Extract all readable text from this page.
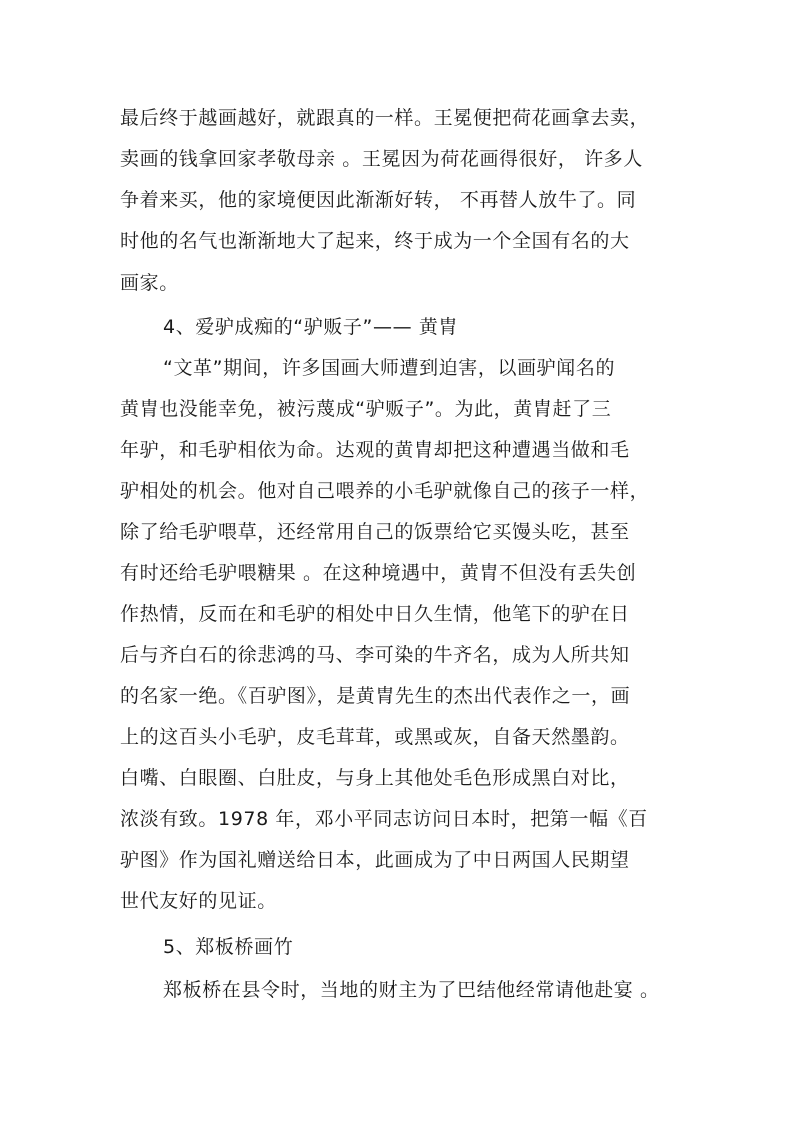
最后终于越画越好，就跟真的一样。王冕便把荷花画拿去卖，
卖画的钱拿回家孝敬母亲 。王冕因为荷花画得很好， 许多人
争着来买，他的家境便因此渐渐好转， 不再替人放牛了。同
时他的名气也渐渐地大了起来，终于成为一个全国有名的大
画家。
4、爱驴成痴的“驴贩子”—— 黄胄
“文革”期间，许多国画大师遭到迫害，以画驴闻名的
黄胄也没能幸免，被污蔑成“驴贩子”。为此，黄胄赶了三
年驴，和毛驴相依为命。达观的黄胄却把这种遭遇当做和毛
驴相处的机会。他对自己喂养的小毛驴就像自己的孩子一样，
除了给毛驴喂草，还经常用自己的饭票给它买馒头吃，甚至
有时还给毛驴喂糖果 。在这种境遇中，黄胄不但没有丢失创
作热情，反而在和毛驴的相处中日久生情，他笔下的驴在日
后与齐白石的徐悲鸿的马、李可染的牛齐名，成为人所共知
的名家一绝。《百驴图》，是黄胄先生的杰出代表作之一，画
上的这百头小毛驴，皮毛茸茸，或黑或灰，自备天然墨韵。
白嘴、白眼圈、白肚皮，与身上其他处毛色形成黑白对比，
浓淡有致。1978 年，邓小平同志访问日本时，把第一幅《百
驴图》作为国礼赠送给日本，此画成为了中日两国人民期望
世代友好的见证。
5、郑板桥画竹
郑板桥在县令时，当地的财主为了巴结他经常请他赴宴 。
